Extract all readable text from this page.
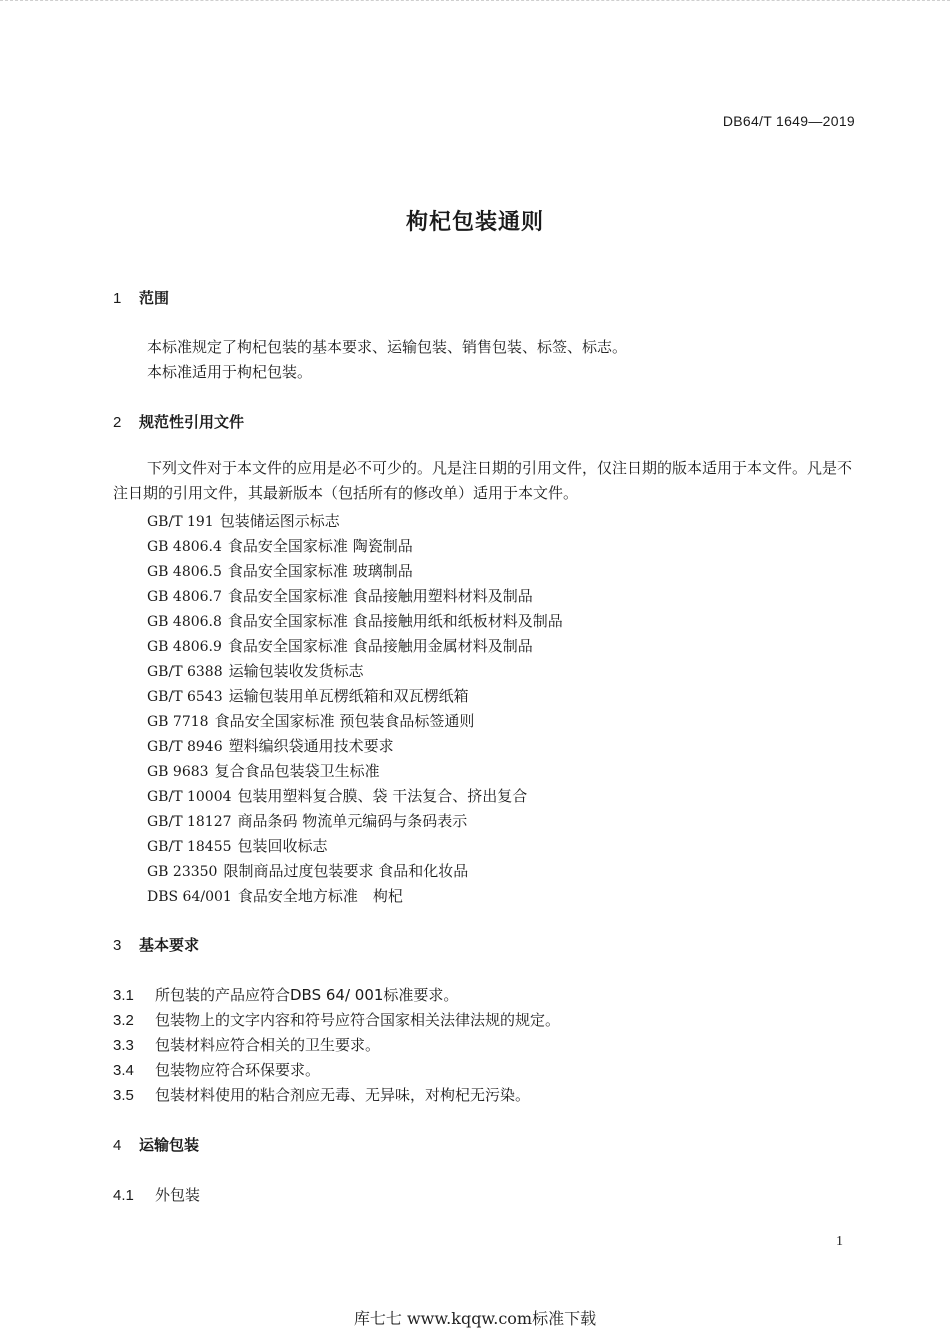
DB64/T 1649—2019
枸杞包装通则
1 范围

本标准规定了枸杞包装的基本要求、运输包装、销售包装、标签、标志。

本标准适用于枸杞包装。

2 规范性引用文件

下列文件对于本文件的应用是必不可少的。凡是注日期的引用文件，仅注日期的版本适用于本文件。凡是不注日期的引用文件，其最新版本（包括所有的修改单）适用于本文件。

GB/T 191 包装储运图示标志
GB 4806.4 食品安全国家标准 陶瓷制品
GB 4806.5 食品安全国家标准 玻璃制品
GB 4806.7 食品安全国家标准 食品接触用塑料材料及制品
GB 4806.8 食品安全国家标准 食品接触用纸和纸板材料及制品
GB 4806.9 食品安全国家标准 食品接触用金属材料及制品
GB/T 6388 运输包装收发货标志
GB/T 6543 运输包装用单瓦楞纸箱和双瓦楞纸箱
GB 7718 食品安全国家标准 预包装食品标签通则
GB/T 8946 塑料编织袋通用技术要求
GB 9683 复合食品包装袋卫生标准
GB/T 10004 包装用塑料复合膜、袋 干法复合、挤出复合
GB/T 18127 商品条码 物流单元编码与条码表示
GB/T 18455 包装回收标志
GB 23350 限制商品过度包装要求 食品和化妆品
DBS 64/001 食品安全地方标准　枸杞
3 基本要求

3.1 所包装的产品应符合DBS 64/ 001标准要求。

3.2 包装物上的文字内容和符号应符合国家相关法律法规的规定。

3.3 包装材料应符合相关的卫生要求。

3.4 包装物应符合环保要求。

3.5 包装材料使用的粘合剂应无毒、无异味，对枸杞无污染。

4 运输包装

4.1 外包装

1
库七七 www.kqqw.com标准下载
